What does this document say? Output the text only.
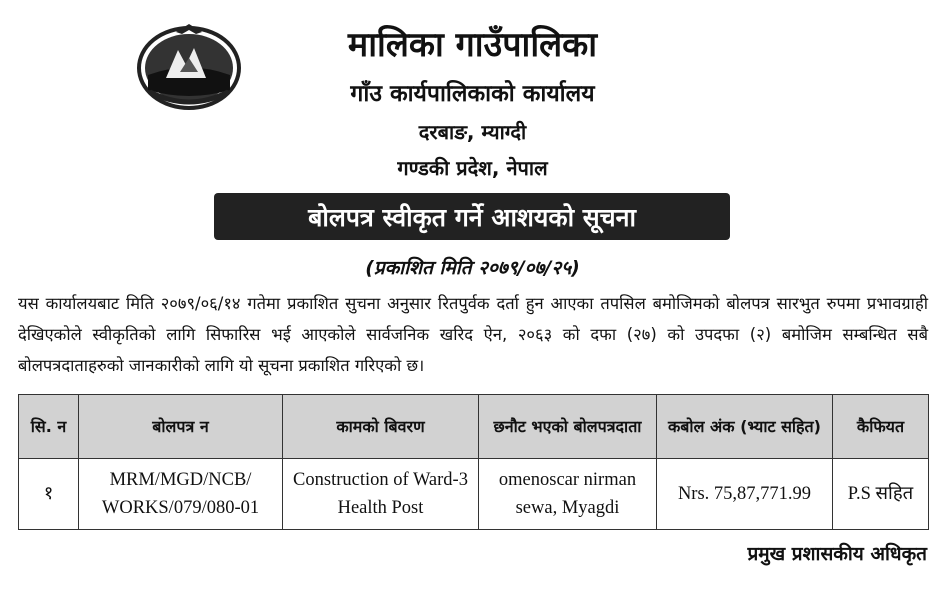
मालिका गाउँपालिका
गाँउ कार्यपालिकाको कार्यालय
दरबाङ, म्याग्दी
गण्डकी प्रदेश, नेपाल
बोलपत्र स्वीकृत गर्ने आशयको सूचना
(प्रकाशित मिति २०७९/०७/२५)
यस कार्यालयबाट मिति २०७९/०६/१४ गतेमा प्रकाशित सुचना अनुसार रितपुर्वक दर्ता हुन आएका तपसिल बमोजिमको बोलपत्र सारभुत रुपमा प्रभावग्राही देखिएकोले स्वीकृतिको लागि सिफारिस भई आएकोले सार्वजनिक खरिद ऐन, २०६३ को दफा (२७) को उपदफा (२) बमोजिम सम्बन्धित सबै बोलपत्रदाताहरुको जानकारीको लागि यो सूचना प्रकाशित गरिएको छ।
सि. न	बोलपत्र न	कामको बिवरण	छनौट भएको बोलपत्रदाता	कबोल अंक (भ्याट सहित)	कैफियत
१	MRM/MGD/NCB/ WORKS/079/080-01	Construction of Ward-3 Health Post	omenoscar nirman sewa, Myagdi	Nrs. 75,87,771.99	P.S सहित
प्रमुख प्रशासकीय अधिकृत
